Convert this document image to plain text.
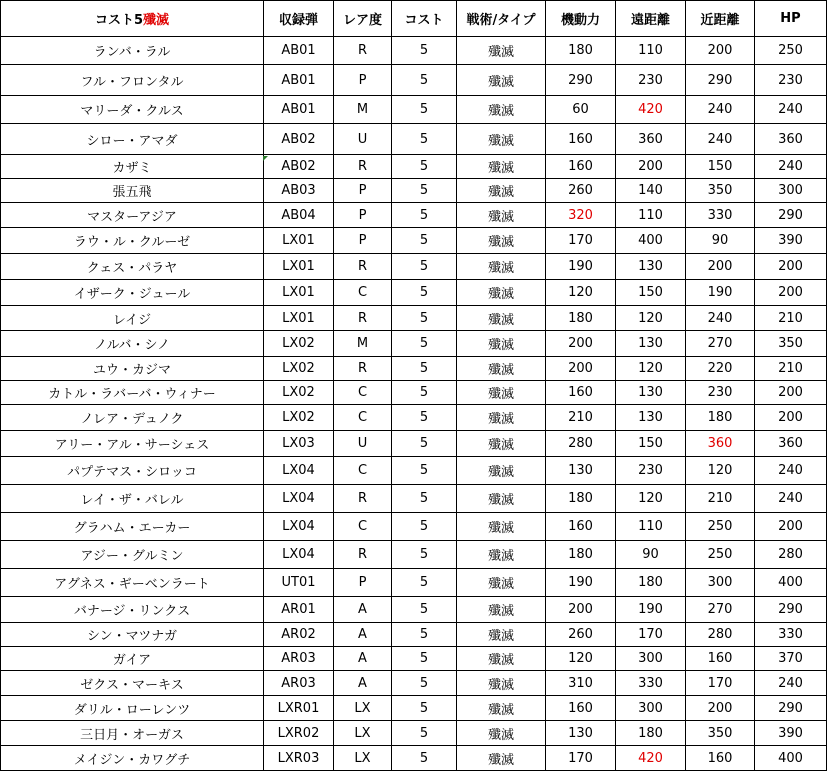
コスト5殲滅	収録弾	レア度	コスト	戦術/タイプ	機動力	遠距離	近距離	HP
ランバ・ラル	AB01	R	5	殲滅	180	110	200	250
フル・フロンタル	AB01	P	5	殲滅	290	230	290	230
マリーダ・クルス	AB01	M	5	殲滅	60	420	240	240
シロー・アマダ	AB02	U	5	殲滅	160	360	240	360
カザミ	AB02	R	5	殲滅	160	200	150	240
張五飛	AB03	P	5	殲滅	260	140	350	300
マスターアジア	AB04	P	5	殲滅	320	110	330	290
ラウ・ル・クルーゼ	LX01	P	5	殲滅	170	400	90	390
クェス・パラヤ	LX01	R	5	殲滅	190	130	200	200
イザーク・ジュール	LX01	C	5	殲滅	120	150	190	200
レイジ	LX01	R	5	殲滅	180	120	240	210
ノルバ・シノ	LX02	M	5	殲滅	200	130	270	350
ユウ・カジマ	LX02	R	5	殲滅	200	120	220	210
カトル・ラバーバ・ウィナー	LX02	C	5	殲滅	160	130	230	200
ノレア・デュノク	LX02	C	5	殲滅	210	130	180	200
アリー・アル・サーシェス	LX03	U	5	殲滅	280	150	360	360
パプテマス・シロッコ	LX04	C	5	殲滅	130	230	120	240
レイ・ザ・バレル	LX04	R	5	殲滅	180	120	210	240
グラハム・エーカー	LX04	C	5	殲滅	160	110	250	200
アジー・グルミン	LX04	R	5	殲滅	180	90	250	280
アグネス・ギーベンラート	UT01	P	5	殲滅	190	180	300	400
バナージ・リンクス	AR01	A	5	殲滅	200	190	270	290
シン・マツナガ	AR02	A	5	殲滅	260	170	280	330
ガイア	AR03	A	5	殲滅	120	300	160	370
ゼクス・マーキス	AR03	A	5	殲滅	310	330	170	240
ダリル・ローレンツ	LXR01	LX	5	殲滅	160	300	200	290
三日月・オーガス	LXR02	LX	5	殲滅	130	180	350	390
メイジン・カワグチ	LXR03	LX	5	殲滅	170	420	160	400
